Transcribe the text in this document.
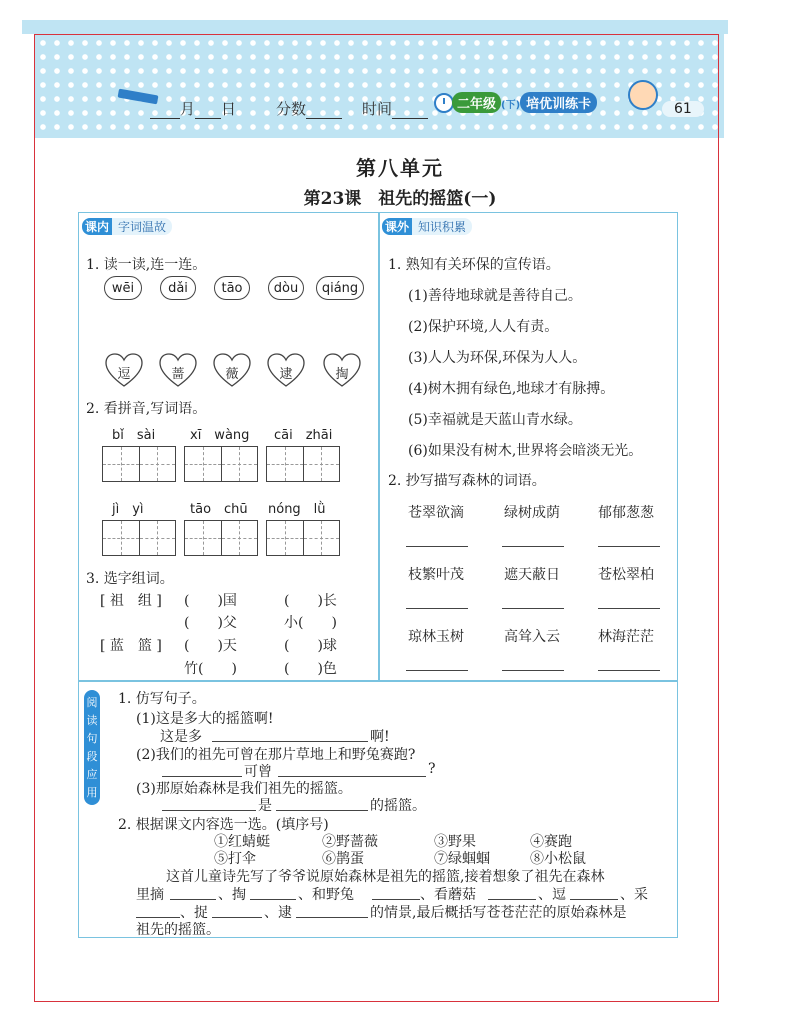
月 日	分数	时间	二年级 (下) 培优训练卡	61
第八单元
第23课　祖先的摇篮(一)
课内 字词温故
1. 读一读,连一连。
wēi	dǎi	tāo	dòu	qiáng
逗	蔷	薇	逮	掏
2. 看拼音,写词语。
bǐ　sài	xī　wàng cāi　zhāi
jì　yì	tāo　chū nóng　lǜ
3. 选字组词。
[ 祖　组 ] (　　)国	(　　)长
(　　)父	小(　　)
[ 蓝　篮 ] (　　)天	(　　)球
竹(　　)	(　　)色
课外 知识积累
1. 熟知有关环保的宣传语。
(1)善待地球就是善待自己。
(2)保护环境,人人有责。
(3)人人为环保,环保为人人。
(4)树木拥有绿色,地球才有脉搏。
(5)幸福就是天蓝山青水绿。
(6)如果没有树木,世界将会暗淡无光。
2. 抄写描写森林的词语。
苍翠欲滴	绿树成荫	郁郁葱葱
枝繁叶茂	遮天蔽日	苍松翠柏
琼林玉树	高耸入云	林海茫茫
阅读句段应用
1. 仿写句子。
(1)这是多大的摇篮啊!
这是多	啊!
(2)我们的祖先可曾在那片草地上和野兔赛跑?
可曾	?
(3)那原始森林是我们祖先的摇篮。
是	的摇篮。
2. 根据课文内容选一选。(填序号)
①红蜻蜓	②野蔷薇	③野果	④赛跑
⑤打伞	⑥鹊蛋	⑦绿蝈蝈	⑧小松鼠
这首儿童诗先写了爷爷说原始森林是祖先的摇篮,接着想象了祖先在森林
里摘	、掏	、和野兔	、看蘑菇	、逗	、采
、捉	、逮	的情景,最后概括写苍苍茫茫的原始森林是
祖先的摇篮。
